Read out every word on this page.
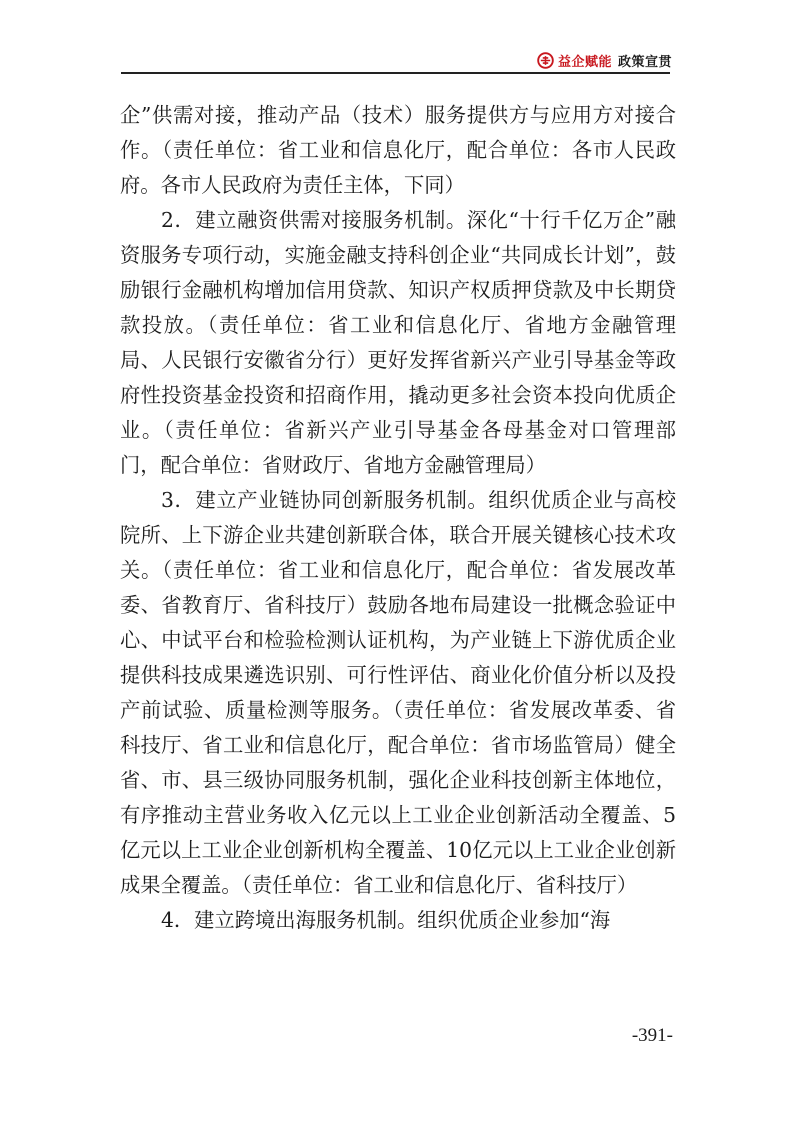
益企赋能 政策宣贯

企”供需对接，推动产品（技术）服务提供方与应用方对接合作。（责任单位：省工业和信息化厅，配合单位：各市人民政府。各市人民政府为责任主体，下同）

2．建立融资供需对接服务机制。深化“十行千亿万企”融资服务专项行动，实施金融支持科创企业“共同成长计划”，鼓励银行金融机构增加信用贷款、知识产权质押贷款及中长期贷款投放。（责任单位：省工业和信息化厅、省地方金融管理局、人民银行安徽省分行）更好发挥省新兴产业引导基金等政府性投资基金投资和招商作用，撬动更多社会资本投向优质企业。（责任单位：省新兴产业引导基金各母基金对口管理部门，配合单位：省财政厅、省地方金融管理局）

3．建立产业链协同创新服务机制。组织优质企业与高校院所、上下游企业共建创新联合体，联合开展关键核心技术攻关。（责任单位：省工业和信息化厅，配合单位：省发展改革委、省教育厅、省科技厅）鼓励各地布局建设一批概念验证中心、中试平台和检验检测认证机构，为产业链上下游优质企业提供科技成果遴选识别、可行性评估、商业化价值分析以及投产前试验、质量检测等服务。（责任单位：省发展改革委、省科技厅、省工业和信息化厅，配合单位：省市场监管局）健全省、市、县三级协同服务机制，强化企业科技创新主体地位，有序推动主营业务收入亿元以上工业企业创新活动全覆盖、5亿元以上工业企业创新机构全覆盖、10亿元以上工业企业创新成果全覆盖。（责任单位：省工业和信息化厅、省科技厅）

4．建立跨境出海服务机制。组织优质企业参加“海

-391-
